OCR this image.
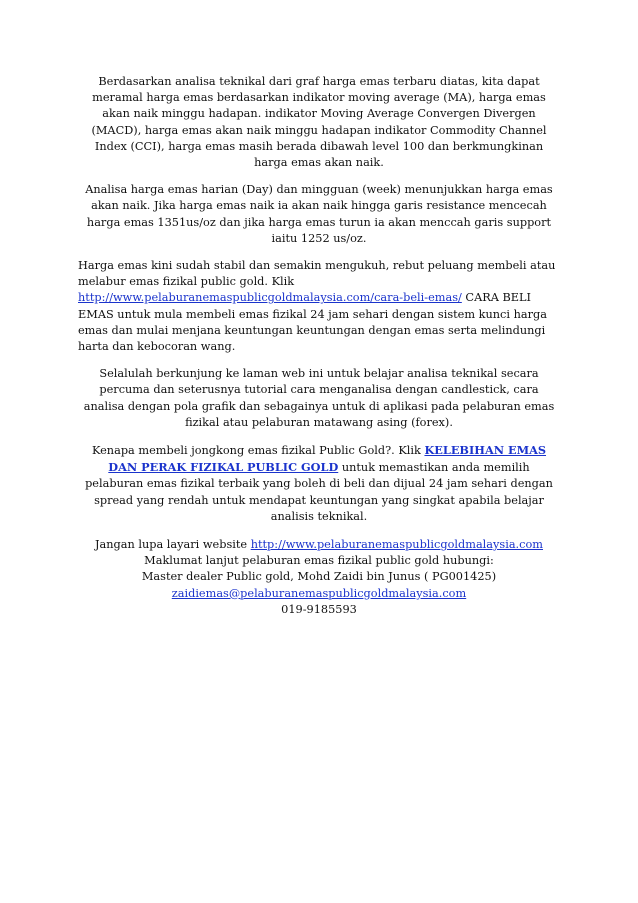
Berdasarkan analisa teknikal dari graf harga emas terbaru diatas, kita dapat meramal harga emas berdasarkan indikator moving average (MA), harga emas akan naik minggu hadapan. indikator Moving Average Convergen Divergen (MACD), harga emas akan naik minggu hadapan indikator Commodity Channel Index (CCI), harga emas masih berada dibawah level 100 dan berkmungkinan harga emas akan naik.

Analisa harga emas harian (Day) dan mingguan (week) menunjukkan harga emas akan naik. Jika harga emas naik ia akan naik hingga garis resistance mencecah harga emas 1351us/oz dan jika harga emas turun ia akan menccah garis support iaitu 1252 us/oz.

Harga emas kini sudah stabil dan semakin mengukuh, rebut peluang membeli atau melabur emas fizikal public gold. Klik http://www.pelaburanemaspublicgoldmalaysia.com/cara-beli-emas/ CARA BELI EMAS untuk mula membeli emas fizikal 24 jam sehari dengan sistem kunci harga emas dan mulai menjana keuntungan keuntungan dengan emas serta melindungi harta dan kebocoran wang.

Selalulah berkunjung ke laman web ini untuk belajar analisa teknikal secara percuma dan seterusnya tutorial cara menganalisa dengan candlestick, cara analisa dengan pola grafik dan sebagainya untuk di aplikasi pada pelaburan emas fizikal atau pelaburan matawang asing (forex).

Kenapa membeli jongkong emas fizikal Public Gold?. Klik KELEBIHAN EMAS DAN PERAK FIZIKAL PUBLIC GOLD untuk memastikan anda memilih pelaburan emas fizikal terbaik yang boleh di beli dan dijual 24 jam sehari dengan spread yang rendah untuk mendapat keuntungan yang singkat apabila belajar analisis teknikal.

Jangan lupa layari website http://www.pelaburanemaspublicgoldmalaysia.com
Maklumat lanjut pelaburan emas fizikal public gold hubungi:
Master dealer Public gold, Mohd Zaidi bin Junus ( PG001425)
zaidiemas@pelaburanemaspublicgoldmalaysia.com
019-9185593
